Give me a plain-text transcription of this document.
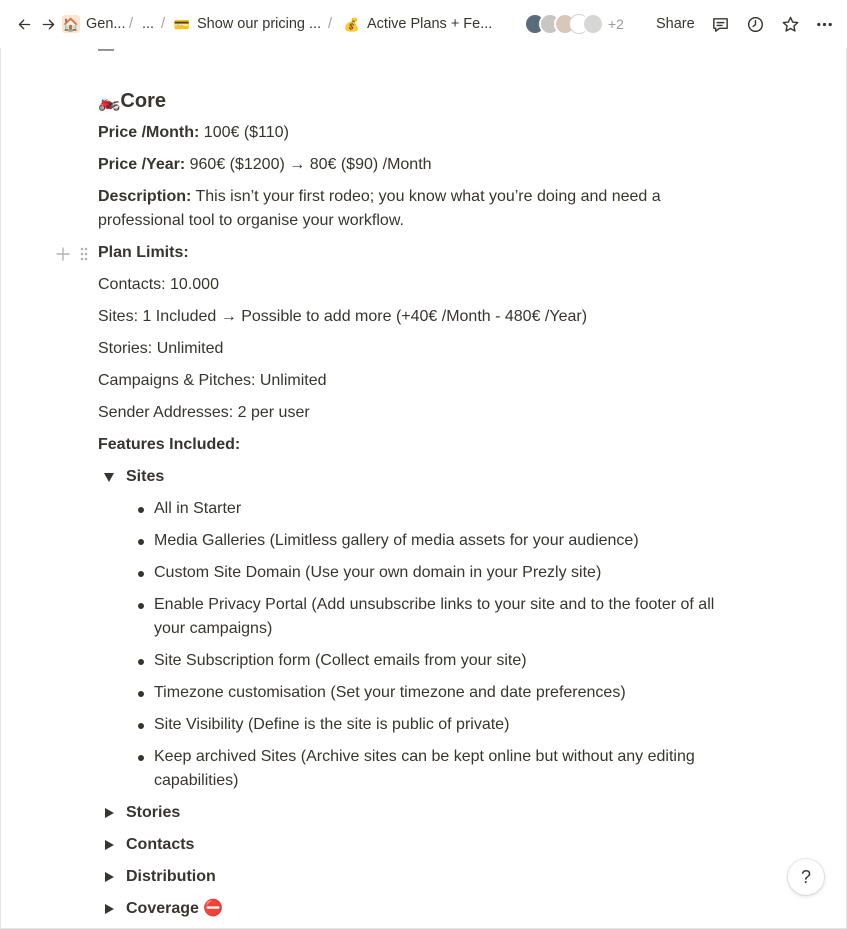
🏠 Gen... / ... / 💳 Show our pricing ... / 💰 Active Plans + Fe...	+2 Share
—
🏍️Core
Price /Month: 100€ ($110)
Price /Year: 960€ ($1200) → 80€ ($90) /Month
Description: This isn’t your first rodeo; you know what you’re doing and need a professional tool to organise your workflow.
Plan Limits:
Contacts: 10.000
Sites: 1 Included → Possible to add more (+40€ /Month - 480€ /Year)
Stories: Unlimited
Campaigns & Pitches: Unlimited
Sender Addresses: 2 per user
Features Included:
Sites
All in Starter
Media Galleries (Limitless gallery of media assets for your audience)
Custom Site Domain (Use your own domain in your Prezly site)
Enable Privacy Portal (Add unsubscribe links to your site and to the footer of all your campaigns)
Site Subscription form (Collect emails from your site)
Timezone customisation (Set your timezone and date preferences)
Site Visibility (Define is the site is public of private)
Keep archived Sites (Archive sites can be kept online but without any editing capabilities)
Stories
Contacts
Distribution
Coverage ⛔
?
